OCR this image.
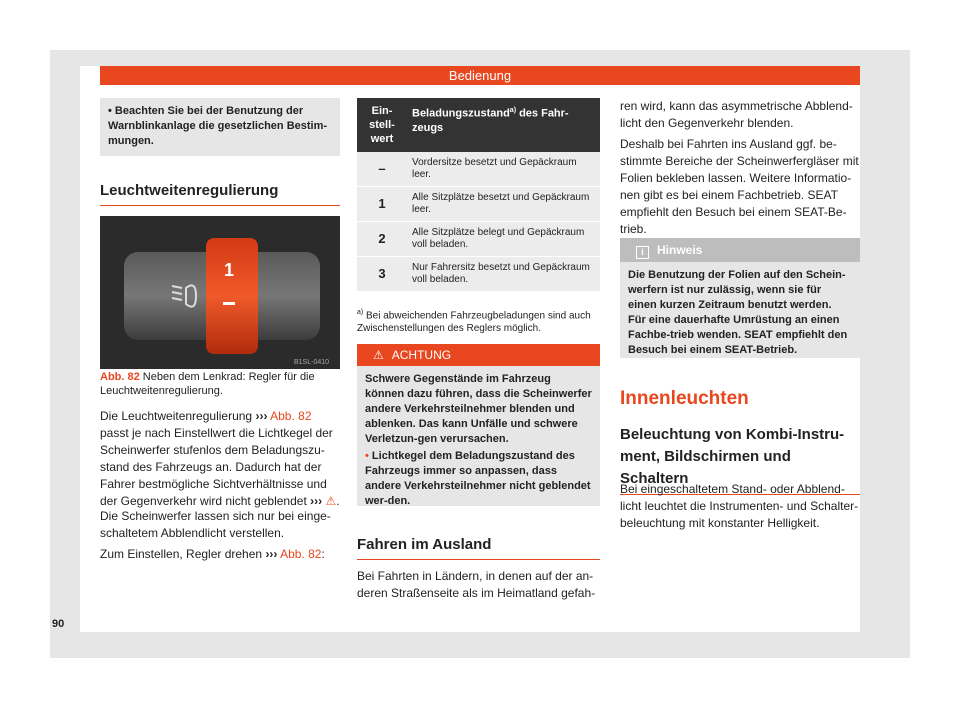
Bedienung
• Beachten Sie bei der Benutzung der Warnblinkanlage die gesetzlichen Bestim-mungen.
Leuchtweitenregulierung
1
B1SL-0410
Abb. 82 Neben dem Lenkrad: Regler für die Leuchtweitenregulierung.
Die Leuchtweitenregulierung ››› Abb. 82 passt je nach Einstellwert die Lichtkegel der Scheinwerfer stufenlos dem Beladungszu-stand des Fahrzeugs an. Dadurch hat der Fahrer bestmögliche Sichtverhältnisse und der Gegenverkehr wird nicht geblendet ››› ⚠.
Die Scheinwerfer lassen sich nur bei einge-schaltetem Abblendlicht verstellen.
Zum Einstellen, Regler drehen ››› Abb. 82:
90
Ein-stell-wert	Beladungszustand$^{a)}$ des Fahr-zeugs
–	Vordersitze besetzt und Gepäckraum leer.
1	Alle Sitzplätze besetzt und Gepäckraum leer.
2	Alle Sitzplätze belegt und Gepäckraum voll beladen.
3	Nur Fahrersitz besetzt und Gepäckraum voll beladen.
$^{a)}$ Bei abweichenden Fahrzeugbeladungen sind auch Zwischenstellungen des Reglers möglich.
⚠ ACHTUNG

Schwere Gegenstände im Fahrzeug können dazu führen, dass die Scheinwerfer andere Verkehrsteilnehmer blenden und ablenken. Das kann Unfälle und schwere Verletzun-gen verursachen.

• Lichtkegel dem Beladungszustand des Fahrzeugs immer so anpassen, dass andere Verkehrsteilnehmer nicht geblendet wer-den.

Fahren im Ausland
Bei Fahrten in Ländern, in denen auf der an-deren Straßenseite als im Heimatland gefah-
ren wird, kann das asymmetrische Abblend-licht den Gegenverkehr blenden.
Deshalb bei Fahrten ins Ausland ggf. be-stimmte Bereiche der Scheinwerfergläser mit Folien bekleben lassen. Weitere Informatio-nen gibt es bei einem Fachbetrieb. SEAT empfiehlt den Besuch bei einem SEAT-Be-trieb.
i Hinweis
Die Benutzung der Folien auf den Schein-werfern ist nur zulässig, wenn sie für einen kurzen Zeitraum benutzt werden. Für eine dauerhafte Umrüstung an einen Fachbe-trieb wenden. SEAT empfiehlt den Besuch bei einem SEAT-Betrieb.
Innenleuchten
Beleuchtung von Kombi-Instru-ment, Bildschirmen und Schaltern
Bei eingeschaltetem Stand- oder Abblend-licht leuchtet die Instrumenten- und Schalter-beleuchtung mit konstanter Helligkeit.
